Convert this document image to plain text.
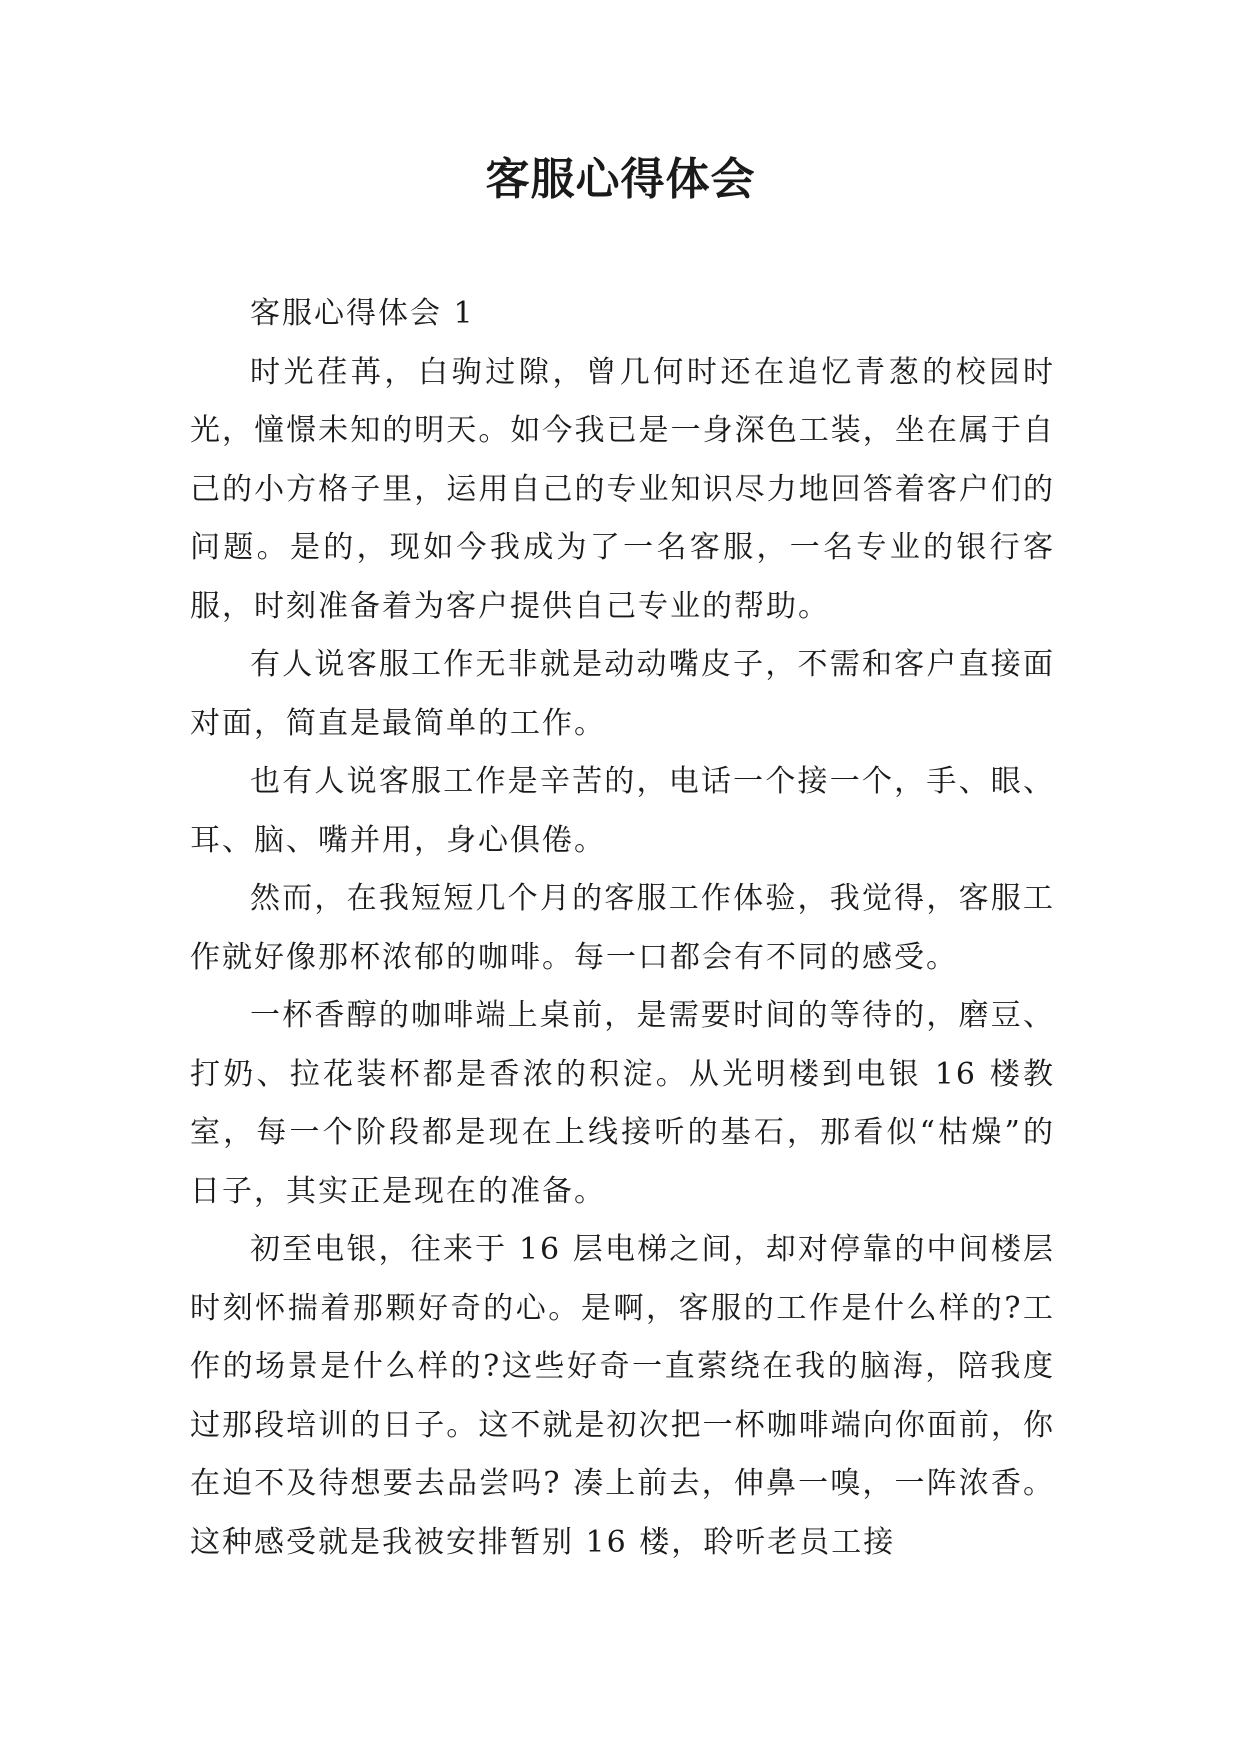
客服心得体会

客服心得体会 1

时光荏苒，白驹过隙，曾几何时还在追忆青葱的校园时光，憧憬未知的明天。如今我已是一身深色工装，坐在属于自己的小方格子里，运用自己的专业知识尽力地回答着客户们的问题。是的，现如今我成为了一名客服，一名专业的银行客服，时刻准备着为客户提供自己专业的帮助。

有人说客服工作无非就是动动嘴皮子，不需和客户直接面对面，简直是最简单的工作。

也有人说客服工作是辛苦的，电话一个接一个，手、眼、耳、脑、嘴并用，身心俱倦。

然而，在我短短几个月的客服工作体验，我觉得，客服工作就好像那杯浓郁的咖啡。每一口都会有不同的感受。

一杯香醇的咖啡端上桌前，是需要时间的等待的，磨豆、打奶、拉花装杯都是香浓的积淀。从光明楼到电银 16 楼教室，每一个阶段都是现在上线接听的基石，那看似“枯燥”的日子，其实正是现在的准备。

初至电银，往来于 16 层电梯之间，却对停靠的中间楼层时刻怀揣着那颗好奇的心。是啊，客服的工作是什么样的?工作的场景是什么样的?这些好奇一直萦绕在我的脑海，陪我度过那段培训的日子。这不就是初次把一杯咖啡端向你面前，你在迫不及待想要去品尝吗? 凑上前去，伸鼻一嗅，一阵浓香。这种感受就是我被安排暂别 16 楼，聆听老员工接
